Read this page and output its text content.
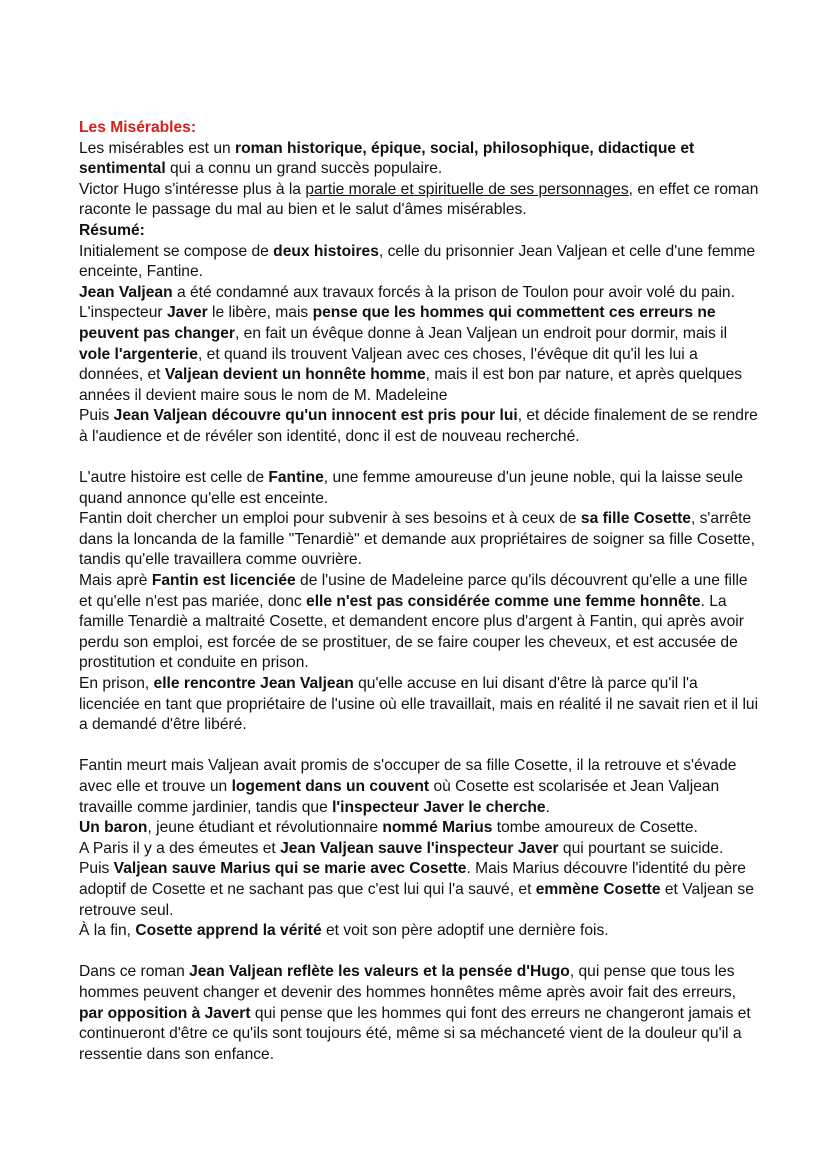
Les Misérables:

Les misérables est un roman historique, épique, social, philosophique, didactique et sentimental qui a connu un grand succès populaire.

Victor Hugo s'intéresse plus à la partie morale et spirituelle de ses personnages, en effet ce roman raconte le passage du mal au bien et le salut d'âmes misérables.

Résumé:

Initialement se compose de deux histoires, celle du prisonnier Jean Valjean et celle d'une femme enceinte, Fantine.

Jean Valjean a été condamné aux travaux forcés à la prison de Toulon pour avoir volé du pain. L'inspecteur Javer le libère, mais pense que les hommes qui commettent ces erreurs ne peuvent pas changer, en fait un évêque donne à Jean Valjean un endroit pour dormir, mais il vole l'argenterie, et quand ils trouvent Valjean avec ces choses, l'évêque dit qu'il les lui a données, et Valjean devient un honnête homme, mais il est bon par nature, et après quelques années il devient maire sous le nom de M. Madeleine

Puis Jean Valjean découvre qu'un innocent est pris pour lui, et décide finalement de se rendre à l'audience et de révéler son identité, donc il est de nouveau recherché.

L'autre histoire est celle de Fantine, une femme amoureuse d'un jeune noble, qui la laisse seule quand annonce qu'elle est enceinte.

Fantin doit chercher un emploi pour subvenir à ses besoins et à ceux de sa fille Cosette, s'arrête dans la loncanda de la famille "Tenardiè" et demande aux propriétaires de soigner sa fille Cosette, tandis qu'elle travaillera comme ouvrière.

Mais aprè Fantin est licenciée de l'usine de Madeleine parce qu'ils découvrent qu'elle a une fille et qu'elle n'est pas mariée, donc elle n'est pas considérée comme une femme honnête. La famille Tenardiè a maltraité Cosette, et demandent encore plus d'argent à Fantin, qui après avoir perdu son emploi, est forcée de se prostituer, de se faire couper les cheveux, et est accusée de prostitution et conduite en prison.

En prison, elle rencontre Jean Valjean qu'elle accuse en lui disant d'être là parce qu'il l'a licenciée en tant que propriétaire de l'usine où elle travaillait, mais en réalité il ne savait rien et il lui a demandé d'être libéré.

Fantin meurt mais Valjean avait promis de s'occuper de sa fille Cosette, il la retrouve et s'évade avec elle et trouve un logement dans un couvent où Cosette est scolarisée et Jean Valjean travaille comme jardinier, tandis que l'inspecteur Javer le cherche.

Un baron, jeune étudiant et révolutionnaire nommé Marius tombe amoureux de Cosette.

A Paris il y a des émeutes et Jean Valjean sauve l'inspecteur Javer qui pourtant se suicide.

Puis Valjean sauve Marius qui se marie avec Cosette. Mais Marius découvre l'identité du père adoptif de Cosette et ne sachant pas que c'est lui qui l'a sauvé, et emmène Cosette et Valjean se retrouve seul.

À la fin, Cosette apprend la vérité et voit son père adoptif une dernière fois.

Dans ce roman Jean Valjean reflète les valeurs et la pensée d'Hugo, qui pense que tous les hommes peuvent changer et devenir des hommes honnêtes même après avoir fait des erreurs, par opposition à Javert qui pense que les hommes qui font des erreurs ne changeront jamais et continueront d'être ce qu'ils sont toujours été, même si sa méchanceté vient de la douleur qu'il a ressentie dans son enfance.
